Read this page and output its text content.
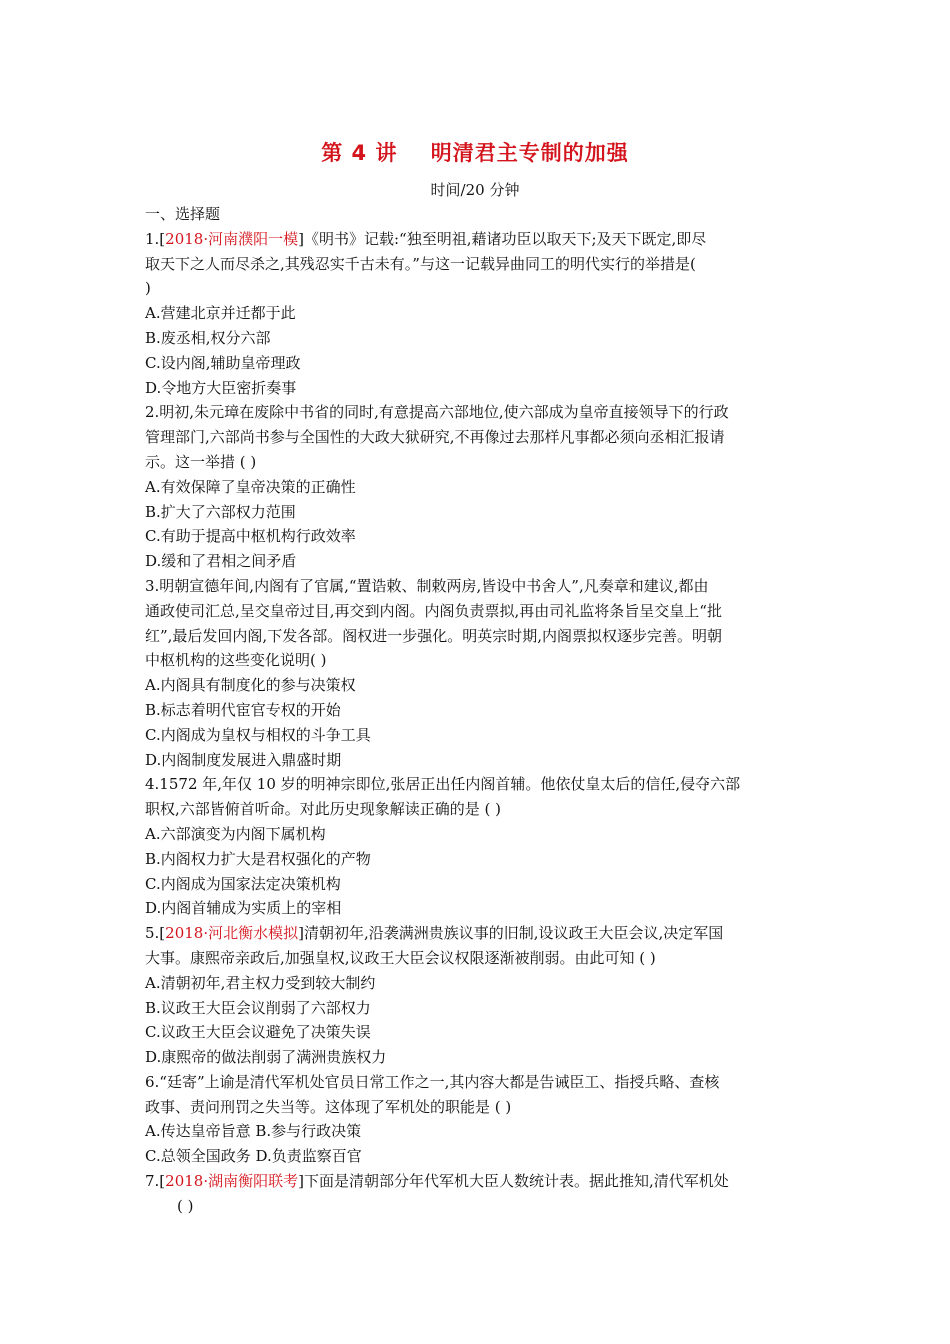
第 4 讲    明清君主专制的加强
时间/20 分钟
一、选择题
1.[2018·河南濮阳一模]《明书》记载:“独至明祖,藉诸功臣以取天下;及天下既定,即尽
取天下之人而尽杀之,其残忍实千古未有。”与这一记载异曲同工的明代实行的举措是(
)
A.营建北京并迁都于此
B.废丞相,权分六部
C.设内阁,辅助皇帝理政
D.令地方大臣密折奏事
2.明初,朱元璋在废除中书省的同时,有意提高六部地位,使六部成为皇帝直接领导下的行政
管理部门,六部尚书参与全国性的大政大狱研究,不再像过去那样凡事都必须向丞相汇报请
示。这一举措 ( )
A.有效保障了皇帝决策的正确性
B.扩大了六部权力范围
C.有助于提高中枢机构行政效率
D.缓和了君相之间矛盾
3.明朝宣德年间,内阁有了官属,“置诰敕、制敕两房,皆设中书舍人”,凡奏章和建议,都由
通政使司汇总,呈交皇帝过目,再交到内阁。内阁负责票拟,再由司礼监将条旨呈交皇上“批
红”,最后发回内阁,下发各部。阁权进一步强化。明英宗时期,内阁票拟权逐步完善。明朝
中枢机构的这些变化说明( )
A.内阁具有制度化的参与决策权
B.标志着明代宦官专权的开始
C.内阁成为皇权与相权的斗争工具
D.内阁制度发展进入鼎盛时期
4.1572 年,年仅 10 岁的明神宗即位,张居正出任内阁首辅。他依仗皇太后的信任,侵夺六部
职权,六部皆俯首听命。对此历史现象解读正确的是 ( )
A.六部演变为内阁下属机构
B.内阁权力扩大是君权强化的产物
C.内阁成为国家法定决策机构
D.内阁首辅成为实质上的宰相
5.[2018·河北衡水模拟]清朝初年,沿袭满洲贵族议事的旧制,设议政王大臣会议,决定军国
大事。康熙帝亲政后,加强皇权,议政王大臣会议权限逐渐被削弱。由此可知 ( )
A.清朝初年,君主权力受到较大制约
B.议政王大臣会议削弱了六部权力
C.议政王大臣会议避免了决策失误
D.康熙帝的做法削弱了满洲贵族权力
6.“廷寄”上谕是清代军机处官员日常工作之一,其内容大都是告诫臣工、指授兵略、查核
政事、责问刑罚之失当等。这体现了军机处的职能是 ( )
A.传达皇帝旨意 B.参与行政决策
C.总领全国政务 D.负责监察百官
7.[2018·湖南衡阳联考]下面是清朝部分年代军机大臣人数统计表。据此推知,清代军机处
( )
